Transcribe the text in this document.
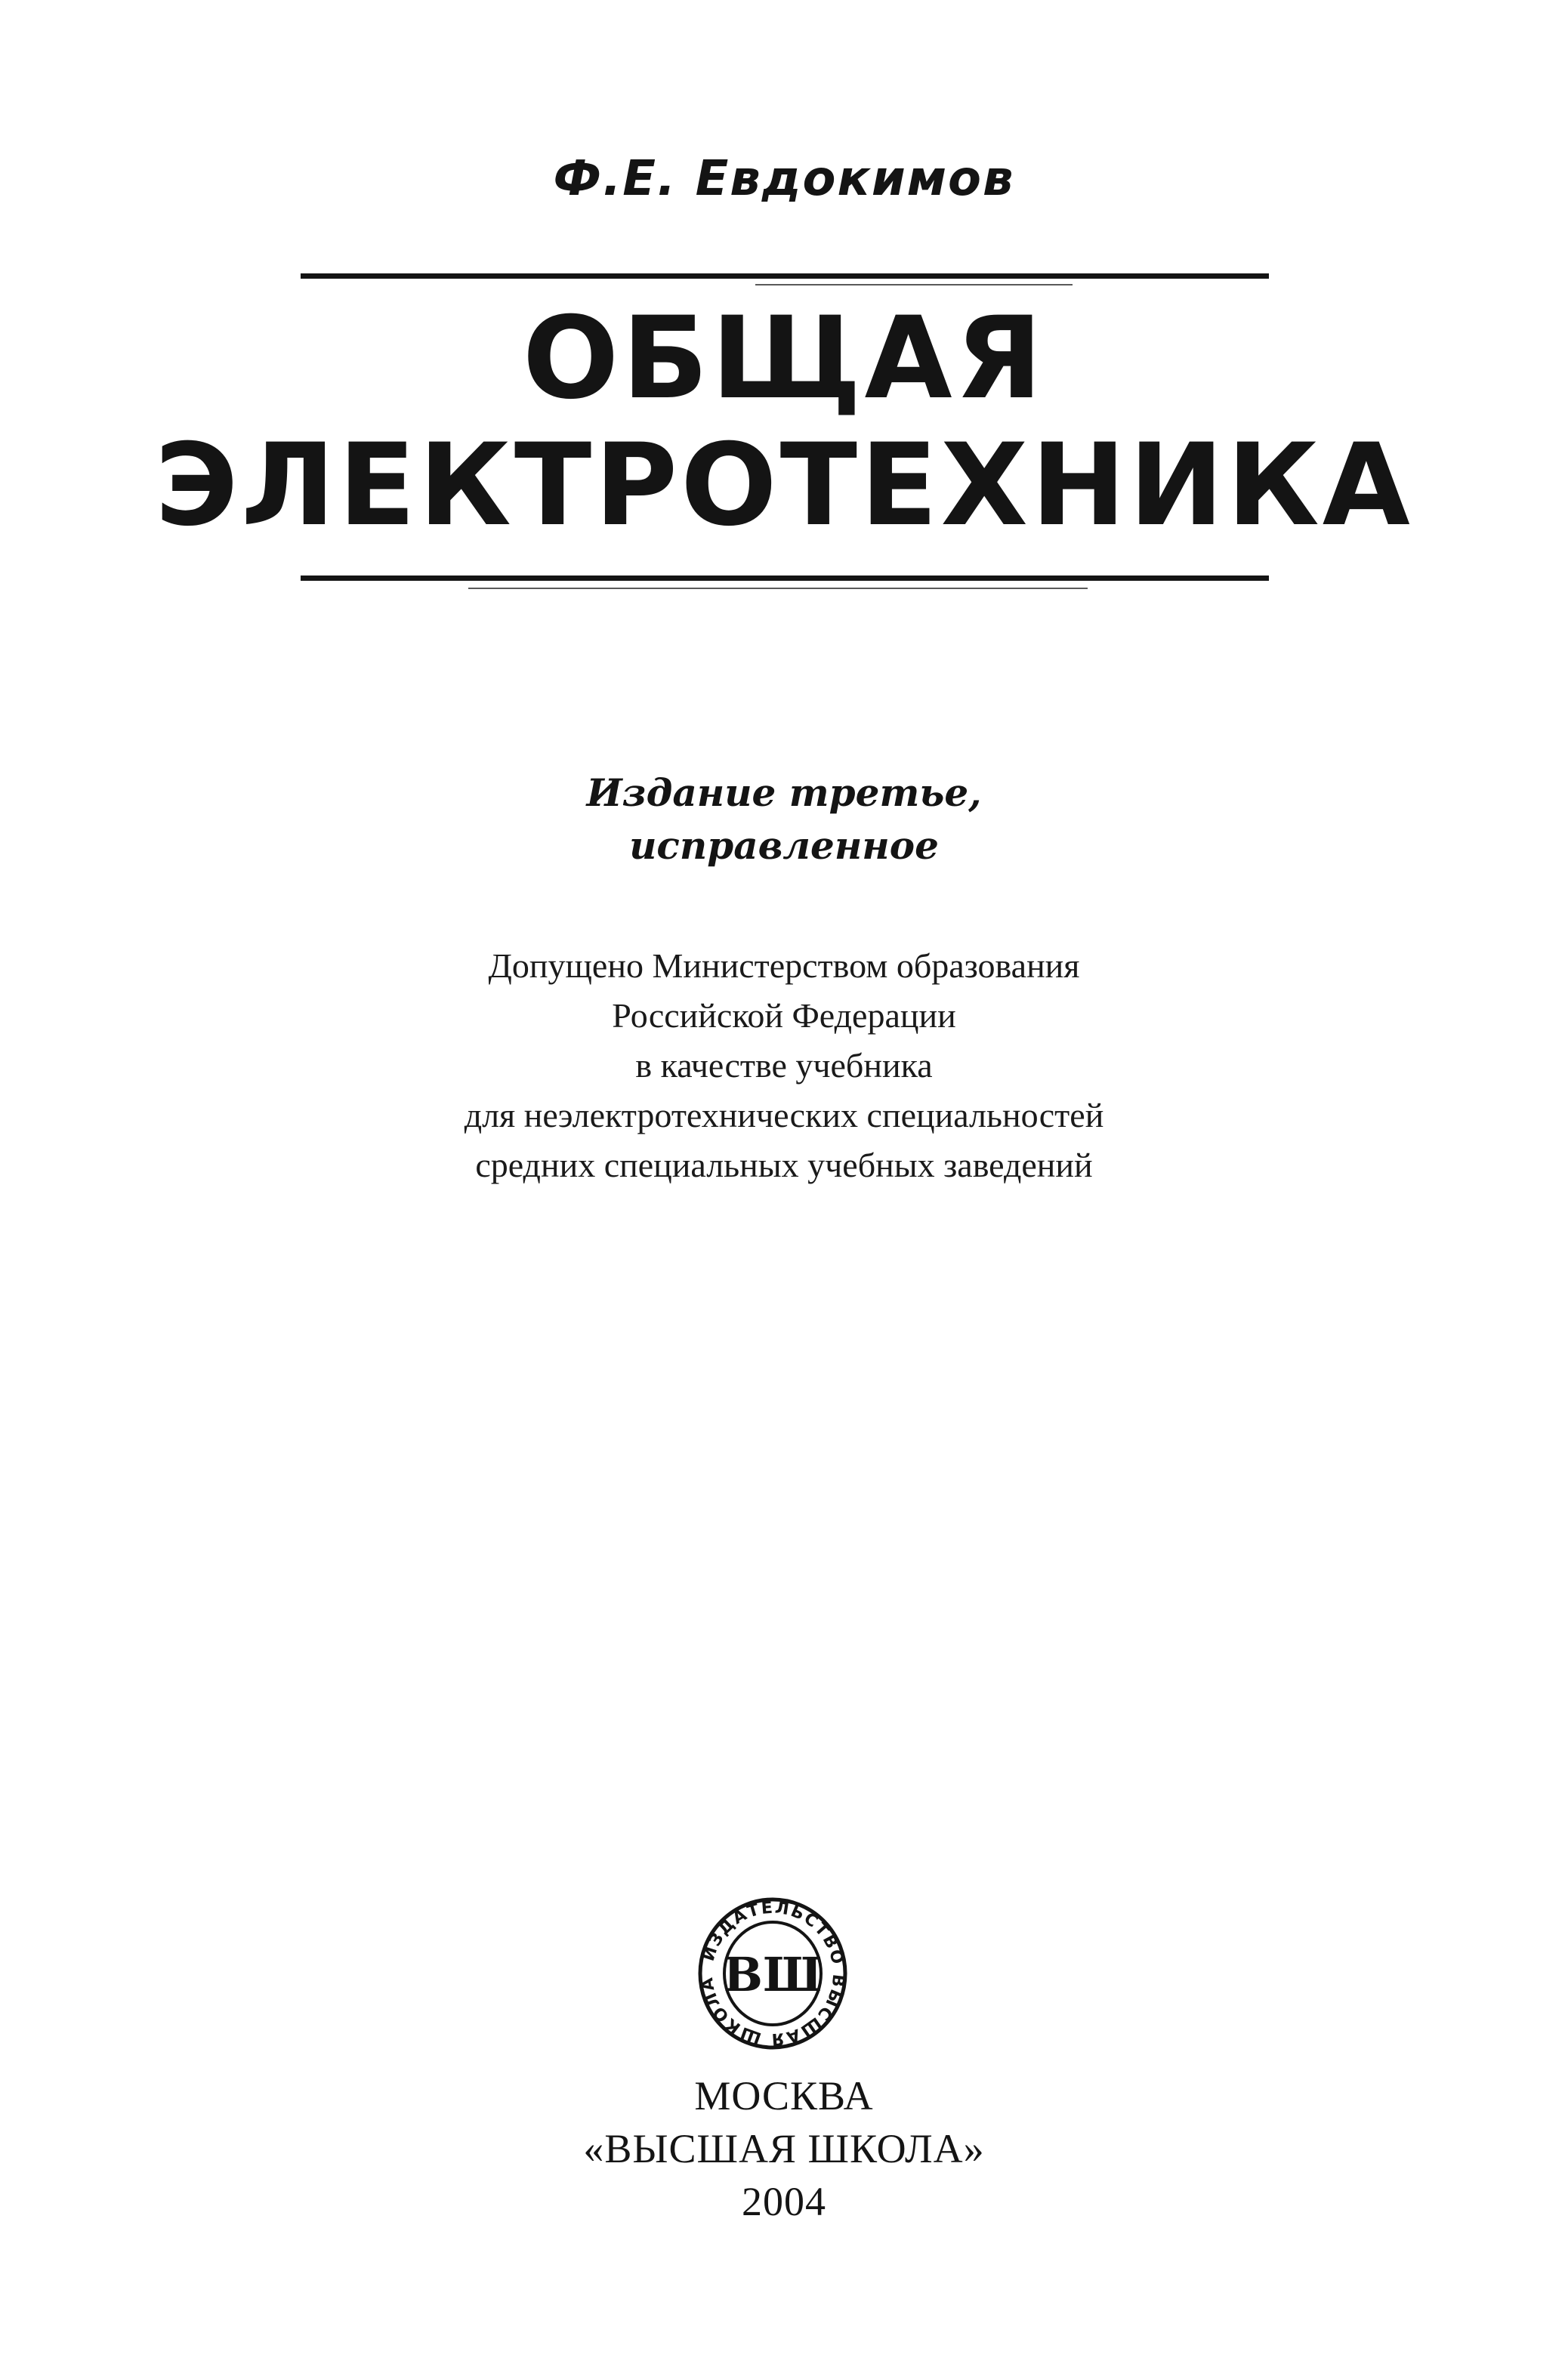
Ф.Е. Евдокимов
ОБЩАЯ
ЭЛЕКТРОТЕХНИКА
Издание третье,
исправленное
Допущено Министерством образования
Российской Федерации
в качестве учебника
для неэлектротехнических специальностей
средних специальных учебных заведений
ИЗДАТЕЛЬСТВО ВЫСШАЯ ШКОЛА ВШ
МОСКВА
«ВЫСШАЯ ШКОЛА»
2004
